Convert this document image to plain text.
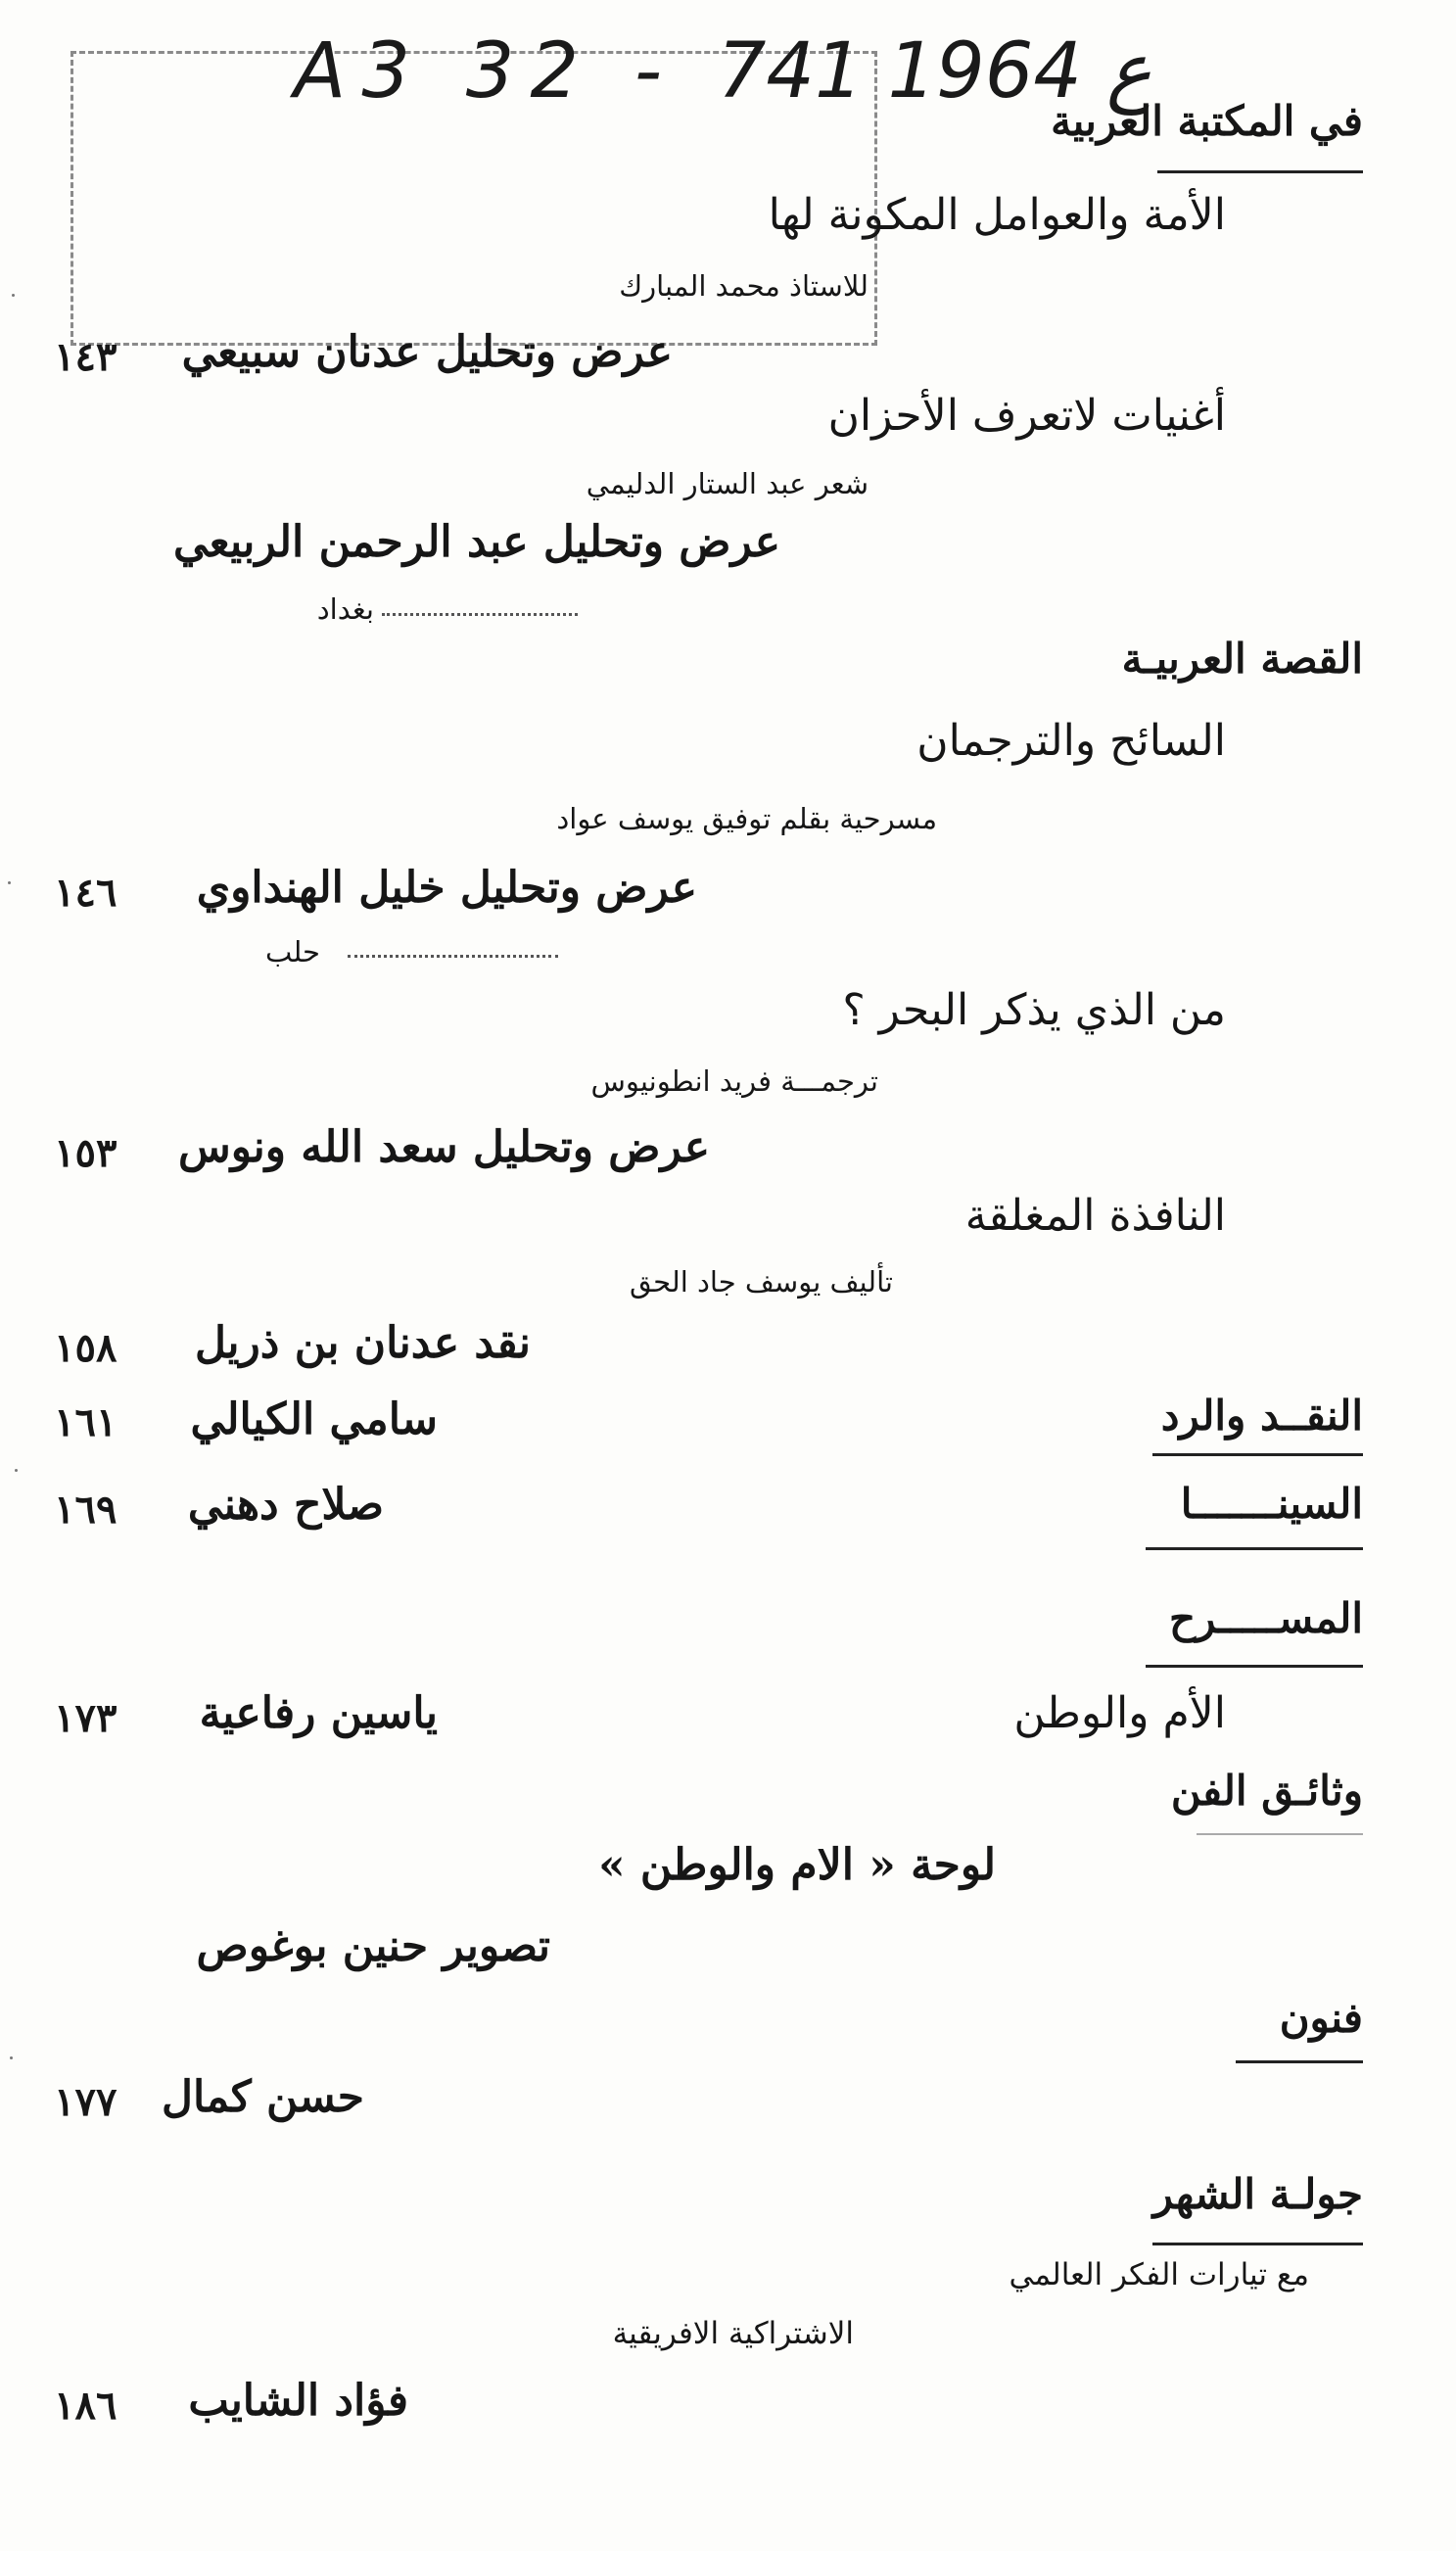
A3 32 - ع 1964 741
في المكتبة العربية
الأمة والعوامل المكونة لها
للاستاذ محمد المبارك
عرض وتحليل عدنان سبيعي
١٤٣
أغنيات لاتعرف الأحزان
شعر عبد الستار الدليمي
عرض وتحليل عبد الرحمن الربيعي
بغداد
القصة العربيـة
السائح والترجمان
مسرحية بقلم توفيق يوسف عواد
عرض وتحليل خليل الهنداوي
١٤٦
حلب
من الذي يذكر البحر ؟
ترجمـــة فريد انطونيوس
عرض وتحليل سعد الله ونوس
١٥٣
النافذة المغلقة
تأليف يوسف جاد الحق
نقد عدنان بن ذريل
١٥٨
النقــد والرد
سامي الكيالي
١٦١
السينـــــــا
صلاح دهني
١٦٩
المســـــرح
الأم والوطن
ياسين رفاعية
١٧٣
وثائـق الفن
لوحة « الام والوطن »
تصوير حنين بوغوص
فنون
حسن كمال
١٧٧
جولـة الشهر
مع تيارات الفكر العالمي
الاشتراكية الافريقية
فؤاد الشايب
١٨٦
